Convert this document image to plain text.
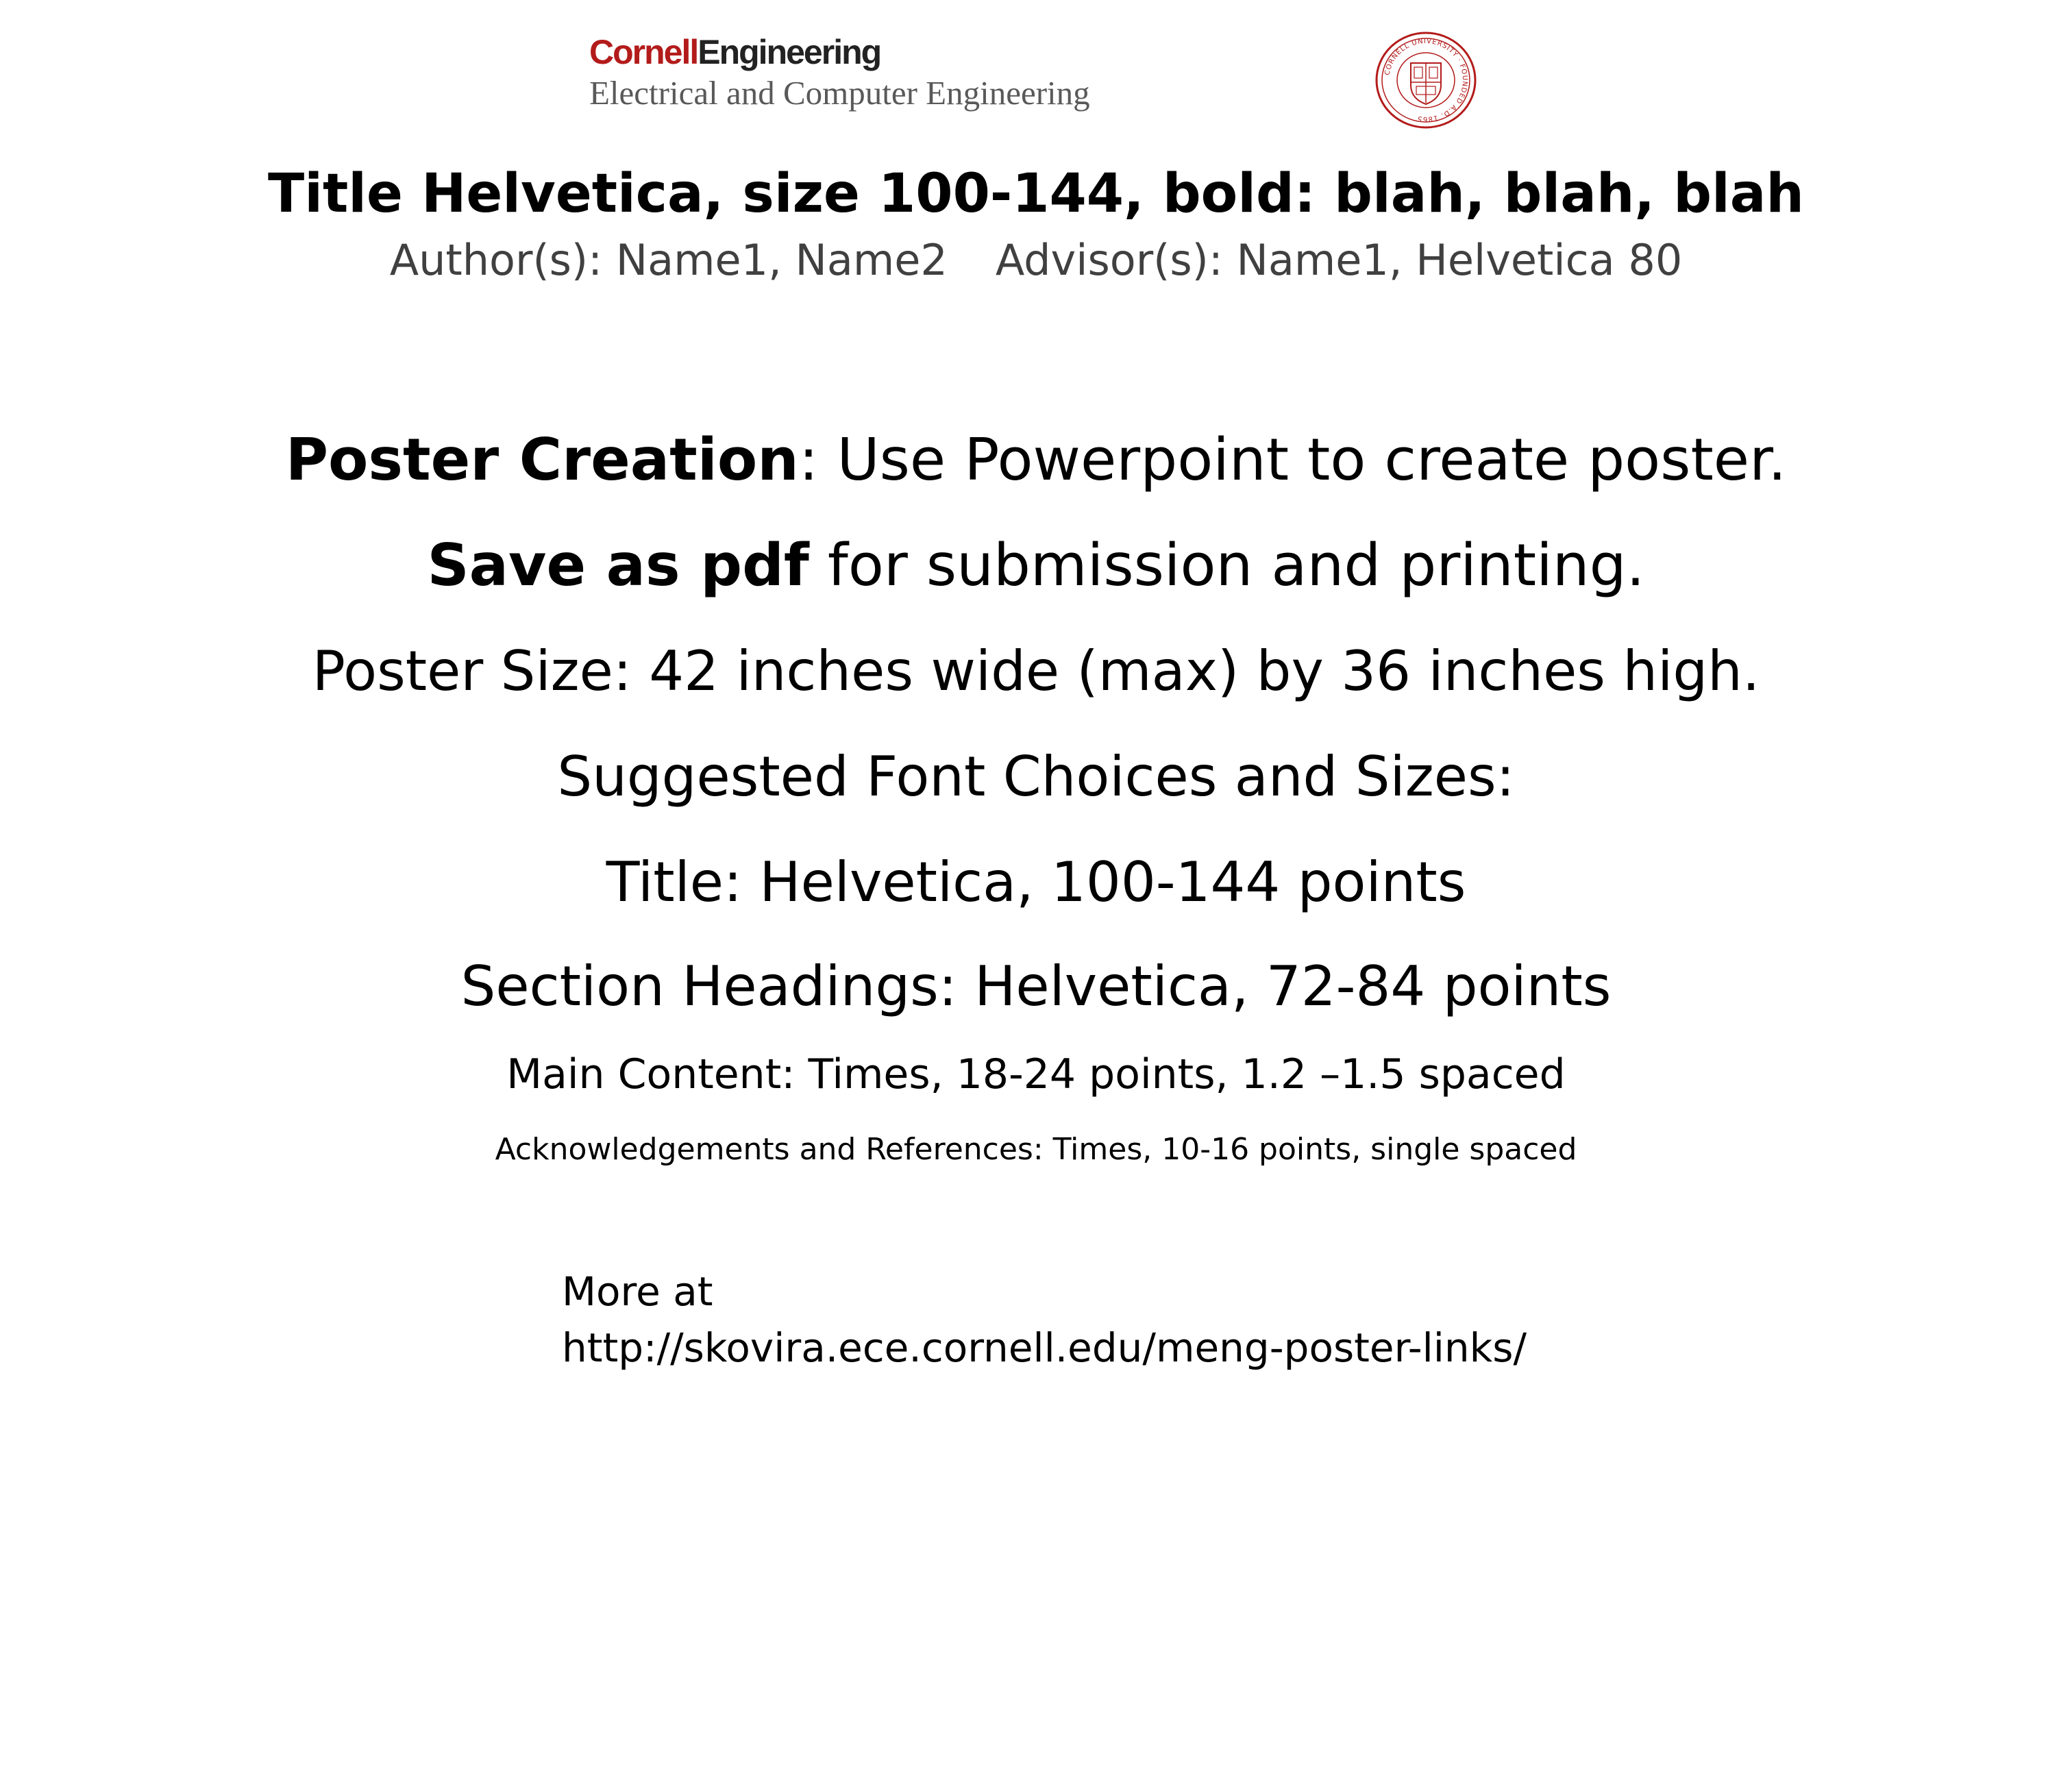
CornellEngineering
Electrical and Computer Engineering
CORNELL UNIVERSITY · FOUNDED A.D. 1865
Title Helvetica, size 100-144, bold: blah, blah, blah
Author(s): Name1, Name2 Advisor(s): Name1, Helvetica 80
Poster Creation: Use Powerpoint to create poster.
Save as pdf for submission and printing.
Poster Size: 42 inches wide (max) by 36 inches high.
Suggested Font Choices and Sizes:
Title: Helvetica, 100-144 points
Section Headings: Helvetica, 72-84 points
Main Content: Times, 18-24 points, 1.2 –1.5 spaced
Acknowledgements and References: Times, 10-16 points, single spaced
More at
http://skovira.ece.cornell.edu/meng-poster-links/
